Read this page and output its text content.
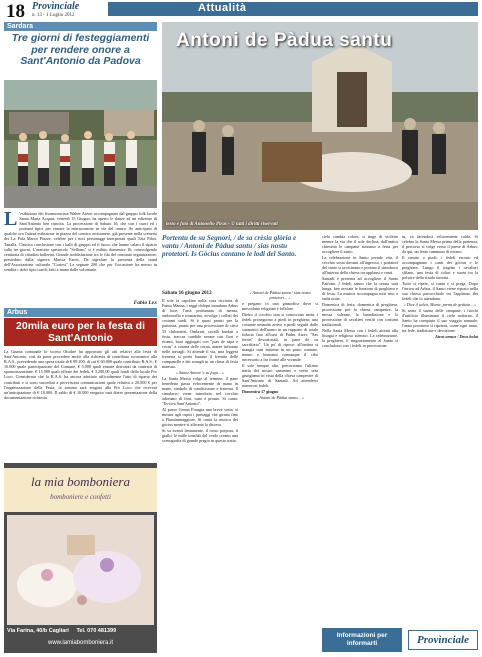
18 Provìnciale
n. 13 - 1 Luglio 2012
Attualità
Sardara
Tre giorni di festeggiamenti per rendere onore a Sant'Antonio da Padova
L 'esibizione dei fisarmonicista Walter Atzori accompagnato dal gruppo folk locale Santa Maria Acquas, venerdì 15 Giugno, ha aperto le danze ad un edizione di Sant'Antonio ben riuscita. La processione di Sabato 16, che con i cuori ed i profumi tipici per entrare la mirraconeore in vie del centro. Se anticipato di qualche ora l'attesa esibizione in piazza del comico orristanese, già presente nella sceneria dei La Pola Marco Piazze, celebre per i noti personaggi interpretati quali Tzia Piboi, Tanalla. Classica conclusione con i balli di gruppo ed il fuoco che hanno calato il sipario sulla tre giorni. L'oratorio spettacolo "Sellians" si è esibito domenica 16, coinvolgendo centinaia di cittadini ballerini. Grande soddisfazione tra le fila del comitato organizzatore, presieduto dalla signora Marisa Farris. Da sigrafare la presenza della stand dell'Associazione culturale "Cortesi" La segnate 200 che per l'occasione ha messo in vendita i dolci tipici sardi, fatti a mano dalle volontarie.
Fabio Lex
Arbus
20mila euro per la festa di Sant'Antonio
La Giunta comunale lo scorso Ottobre ha approvato gli atti relativi alla festa di Sant'Antonio, così da poter procedere anche alla richiesta di contributo economico alla R.A.S., prevedendo una spesa totale di € 99.200, di cui € 60.000 quale contributo R.A.S., € 16.000 quale partecipazione del Comune, € 5.000 quali entrate derivanti da contratti di sponsorizzazione, € 15.000 quali offerte dei fedeli, € 3.200,00 quali fondi della locale Pro Loco. Considerato che la R.A.S. ha ancora adottato ufficialmente l'atto di riparto dei contributi e si sono succeduti a provvisoria comunicazioni quale relativa a 20.000 € per l'organizzazione della Festa; la somma sarà erogata alla Pro Loco che riceverà un'anticipazione di € 10.000. Il saldo di € 10.000 eseguito sarà dietro presentazione della documentazione richiesta.
la mia bomboniera
bomboniere e confetti
Via Farina, 40/b Cagliari Tel. 070 481399
www.lamiabomboniera.it
Antoni de Pàdua santu
testo e foto di Antonello Piras - © tutti i diritti riservati
Portentu de su Segnori, / de sa crèsia glòria e vantu / Antoni de Pàdua santu / sias nostu protetori. Is Gòcius cantano le lodi del Santo.
Sabato 16 giugno 2012

Il sole fa capolino nella cosa riccioria di Funtu Manna, i raggi obliqui inondano Arbus di luce; l'aria profumata di menta, ombrosella e rosmarino, avvolge i colleit dei costumi sardi. Si è quasi pronti per la partenza, pronti per una processione di circa 35 chilometri. Ombrati, cavalli bardati a festa, traccas candide ornate con fiori e ricami, buoi aggiogati con "juas de sapa e cocas" a corona delle corna, araree infiorate nelle travagli. Si attende il via, una leggera frenesia si porta lontano il fremito delle campanelle e dei sonagli in un clima di festa mansua.

« Santu Antoni 'e su fogu... »

La Santa Messa volge al termine, il pane benedetto passa velocemente di mano in mano, simbolo di condivisione e fraterna. Il simulacro viene introdotto nel cocchio adornato di fiori, tutto è pronto. Si canta: "Evviva Sant'Antonio".

Al passo Genna Frongia una breve sosta, si mostra agli ospiti i paesaggi che girano fino a Fluminimaggiore. Si canta la musica dei gòcius mentre si affronta la discesa.

Si va avanti lentamente, il rosso porpora, il giallo, le mille tonalità del verde creano una scenografia di grande pregio in questo tratto.

« Antoni de Pàdua santu / sias nostu protetori... »

e pregano in una ginnodica dove si mescolano religione e folklore.

Dietro il cocchio non si conoscono meta, i fedeli proseguono a piedi in preghiera; una costante umanità arriva a piedi seguiti dalle suonatrici dell'uomo in un rapporto di totale fiducia fino all'oasi di Padru Atzei: "Sas ferras" devozionali, in pane de su sacrifitzio". Un po' di riposo: all'ombra si mangia tutti insieme in un pasto comune, nonno e bisnonni comunque il cibo necessario a far fronte alle vivande.

Il sole sempre alto, percorriamo l'ultimo tratto del nostro cammino e verso sera giungiamo in vista della chiesa campestre di Sant'Antonio di Santadi. Ad attenderci numerosi fedeli.

Domenica 17 giugno

« Antoni de Pàdua santu... »

cielo cambia colore, si tinge di violetto mentre la via che il sole declina, dall'antica chiesetta le campane suonano a festa per accogliere il santo.

La celebrazione in Santo prende vita, il cocchio sosta davanti all'ingresso, i portatori del santo si avvicinano e portano il simulacro all'interno della chiesa tra applausi e canti.

Santadi è presenta ad accogliere il Santo Patrono. I fedeli sanno che la serata sarà lunga, ben avviate le funzioni di preghiera e di festa. La musica accompagna tutti sino a tarda notte.

Domenica di festa, domenica di preghiera, processione per la chiesa campestre, la messa solenne, la benedizione e la processione di cavalieri vestiti con costumi tradizionali.

Nella Santa Messa con i fedeli attenti alla liturgia e religioso silenzio. La celebrazione, la preghiera, il ringraziamento al Santo si concludono con i fedeli in processione.

tu, va facendosi velocemente caldo. Si celebra la Santa Messa prima della partenza, il percorso si volge verso il paese di Arbus; da qui, un lento cammino di ritorno.

Il rientro a piedi: i fedeli escono ed accompagnano i canti dei gòcius e le preghiere. Lungo il tragitto i cavalieri sfilano, una festa di colori e suoni tra la polvere della strada sterrata.

Tutto si ripete, si canta e si prega. Dopo l'arrivo ad Arbus, il Santo viene riposto nella sua chiesa parrocchiale tra l'applauso dei fedeli che lo attendono.

« Dies il salvit, Maria, prena de gràtzia... »

Si sente il suono delle campane, i fuochi d'artificio illuminano il cielo notturno, il Santo ha compiuto il suo viaggio annuale; l'anno prossimo si ripeterà, come ogni anno, tra fede, tradizione e devozione.

Atras annus / Deus bolat

Informazioni per informarti	Provìnciale
